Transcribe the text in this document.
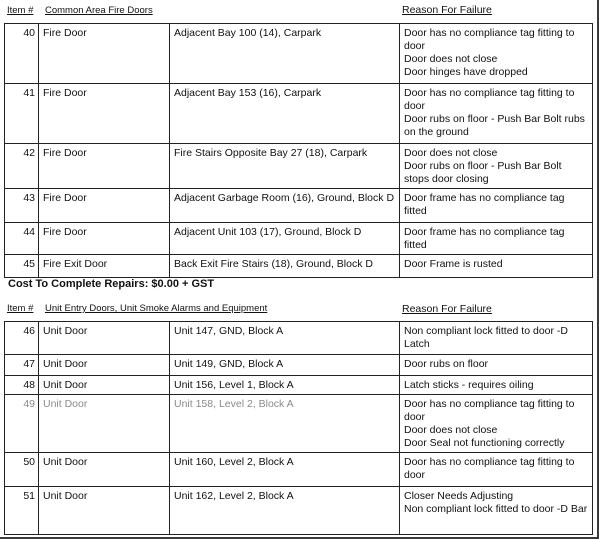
Item # Common Area Fire Doors	Reason For Failure
40	Fire Door	Adjacent Bay 100 (14), Carpark	Door has no compliance tag fitting to door
Door does not close
Door hinges have dropped

41	Fire Door	Adjacent Bay 153 (16), Carpark	Door has no compliance tag fitting to door
Door rubs on floor - Push Bar Bolt rubs on the ground

42	Fire Door	Fire Stairs Opposite Bay 27 (18), Carpark	Door does not close
Door rubs on floor - Push Bar Bolt stops door closing

43	Fire Door	Adjacent Garbage Room (16), Ground, Block D	Door frame has no compliance tag fitted

44	Fire Door	Adjacent Unit 103 (17), Ground, Block D	Door frame has no compliance tag fitted

45	Fire Exit Door	Back Exit Fire Stairs (18), Ground, Block D	Door Frame is rusted
Cost To Complete Repairs: $0.00 + GST
Item # Unit Entry Doors, Unit Smoke Alarms and Equipment	Reason For Failure
46	Unit Door	Unit 147, GND, Block A	Non compliant lock fitted to door -D Latch

47	Unit Door	Unit 149, GND, Block A	Door rubs on floor

48	Unit Door	Unit 156, Level 1, Block A	Latch sticks - requires oiling

49	Unit Door	Unit 158, Level 2, Block A	Door has no compliance tag fitting to door
Door does not close
Door Seal not functioning correctly

50	Unit Door	Unit 160, Level 2, Block A	Door has no compliance tag fitting to door

51	Unit Door	Unit 162, Level 2, Block A	Closer Needs Adjusting
Non compliant lock fitted to door -D Bar
